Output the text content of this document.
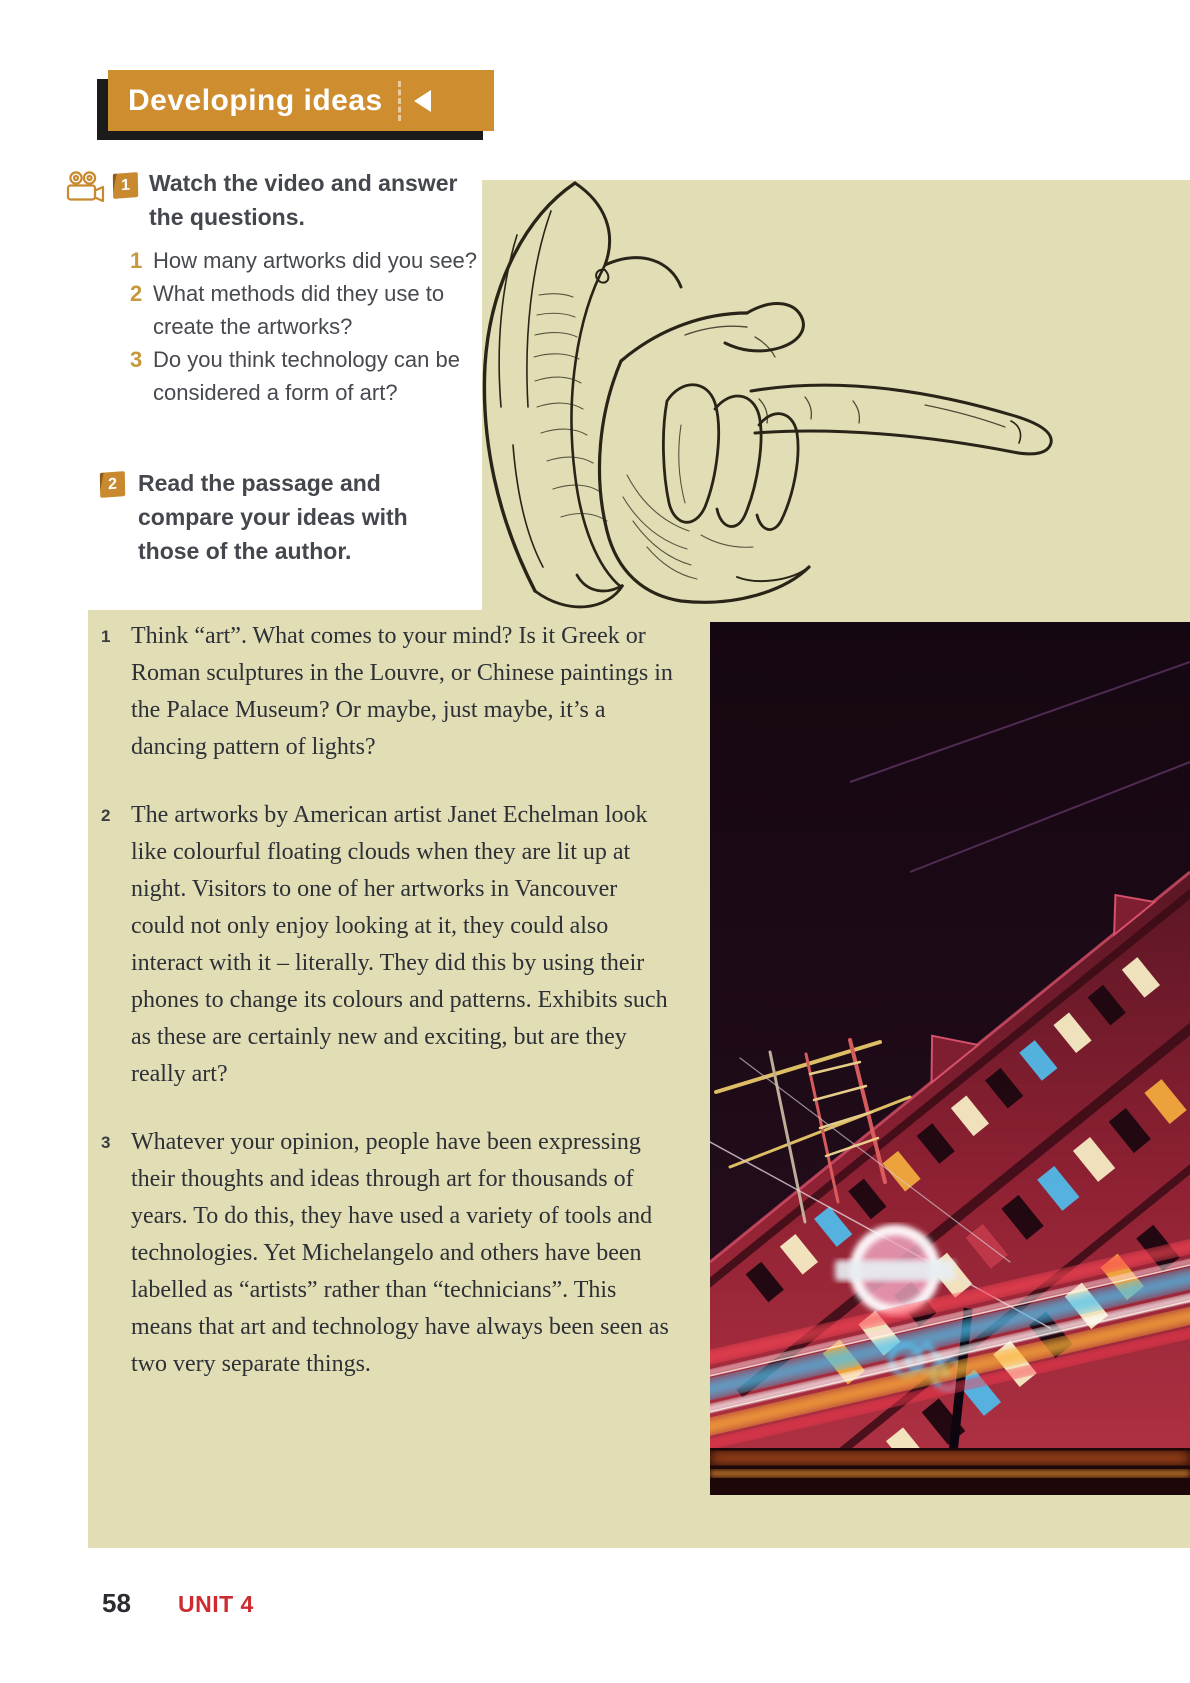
Developing ideas
1 Watch the video and answer the questions.
1 How many artworks did you see?
2 What methods did they use to create the artworks?
3 Do you think technology can be considered a form of art?
2 Read the passage and compare your ideas with those of the author.
1 Think “art”. What comes to your mind? Is it Greek or Roman sculptures in the Louvre, or Chinese paintings in the Palace Museum? Or maybe, just maybe, it’s a dancing pattern of lights?
2 The artworks by American artist Janet Echelman look like colourful floating clouds when they are lit up at night. Visitors to one of her artworks in Vancouver could not only enjoy looking at it, they could also interact with it – literally. They did this by using their phones to change its colours and patterns. Exhibits such as these are certainly new and exciting, but are they really art?
3 Whatever your opinion, people have been expressing their thoughts and ideas through art for thousands of years. To do this, they have used a variety of tools and technologies. Yet Michelangelo and others have been labelled as “artists” rather than “technicians”. This means that art and technology have always been seen as two very separate things.
58 UNIT 4
